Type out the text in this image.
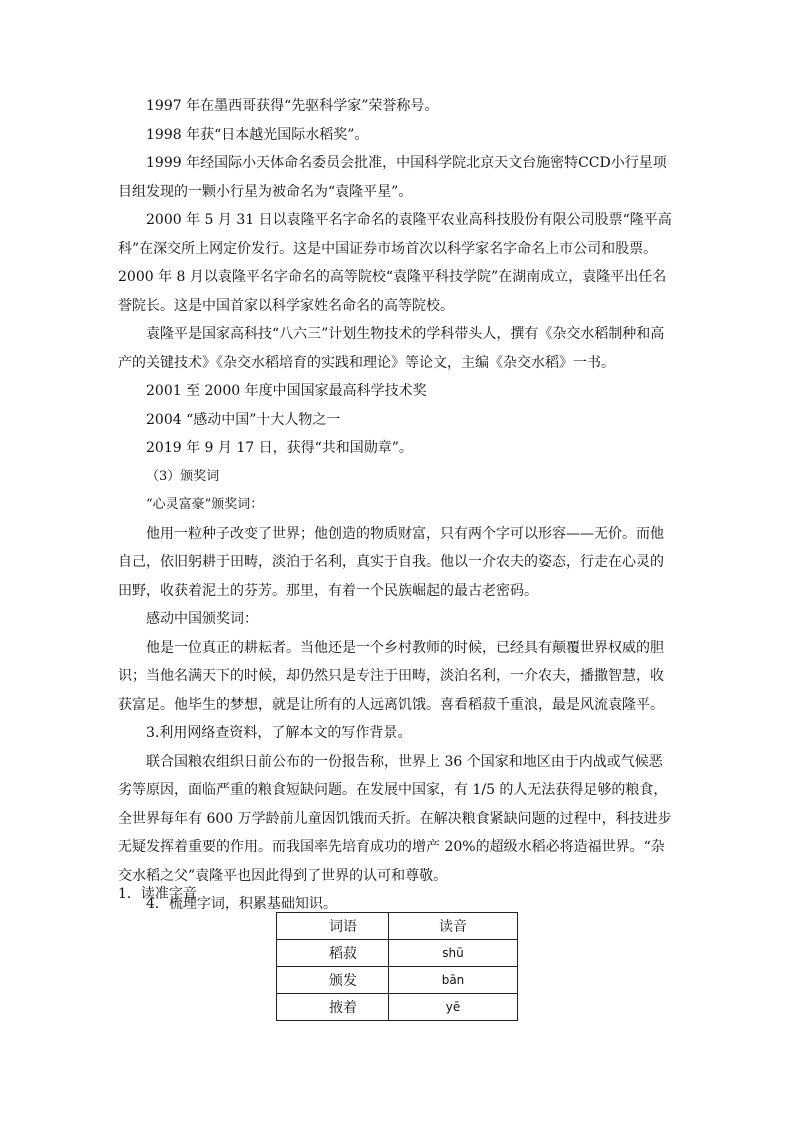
1997 年在墨西哥获得“先驱科学家”荣誉称号。

1998 年获“日本越光国际水稻奖”。

1999 年经国际小天体命名委员会批准，中国科学院北京天文台施密特CCD小行星项目组发现的一颗小行星为被命名为“袁隆平星”。

2000 年 5 月 31 日以袁隆平名字命名的袁隆平农业高科技股份有限公司股票“隆平高科”在深交所上网定价发行。这是中国证券市场首次以科学家名字命名上市公司和股票。 2000 年 8 月以袁隆平名字命名的高等院校“袁隆平科技学院”在湖南成立，袁隆平出任名誉院长。这是中国首家以科学家姓名命名的高等院校。

袁隆平是国家高科技“八六三”计划生物技术的学科带头人，撰有《杂交水稻制种和高产的关键技术》《杂交水稻培育的实践和理论》等论文，主编《杂交水稻》一书。

2001 至 2000 年度中国国家最高科学技术奖

2004 “感动中国”十大人物之一

2019 年 9 月 17 日，获得“共和国勋章”。

（3）颁奖词

“心灵富豪”颁奖词：

他用一粒种子改变了世界；他创造的物质财富，只有两个字可以形容——无价。而他自己，依旧躬耕于田畴，淡泊于名利，真实于自我。他以一介农夫的姿态，行走在心灵的田野，收获着泥土的芬芳。那里，有着一个民族崛起的最古老密码。

感动中国颁奖词：

他是一位真正的耕耘者。当他还是一个乡村教师的时候，已经具有颠覆世界权威的胆识；当他名满天下的时候，却仍然只是专注于田畴，淡泊名利，一介农夫，播撒智慧，收获富足。他毕生的梦想，就是让所有的人远离饥饿。喜看稻菽千重浪，最是风流袁隆平。

3.利用网络查资料，了解本文的写作背景。

联合国粮农组织日前公布的一份报告称，世界上 36 个国家和地区由于内战或气候恶劣等原因，面临严重的粮食短缺问题。在发展中国家，有 1/5 的人无法获得足够的粮食，全世界每年有 600 万学龄前儿童因饥饿而夭折。在解决粮食紧缺问题的过程中，科技进步无疑发挥着重要的作用。而我国率先培育成功的增产 20%的超级水稻必将造福世界。“杂交水稻之父”袁隆平也因此得到了世界的认可和尊敬。

4．梳理字词，积累基础知识。

1．读准字音
词语	读音
稻菽	shū
颁发	bān
掖着	yē
